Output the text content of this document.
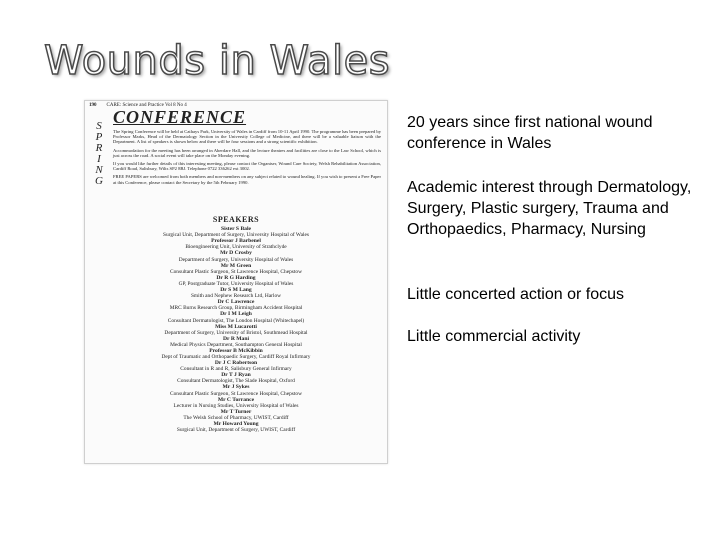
Wounds in Wales
190 CARE: Science and Practice Vol 8 No 4
S
P
R
I
N
G
CONFERENCE

The Spring Conference will be held at Cathays Park, University of Wales in Cardiff from 10-11 April 1990. The programme has been prepared by Professor Marks, Head of the Dermatology Section in the University College of Medicine, and there will be a valuable liaison with the Department. A list of speakers is shown below and there will be four sessions and a strong scientific exhibition.

Accommodation for the meeting has been arranged in Aberdare Hall, and the lecture theatres and facilities are close to the Law School, which is just across the road. A social event will take place on the Monday evening.

If you would like further details of this interesting meeting, please contact the Organiser, Wound Care Society, Welsh Rehabilitation Association, Cardiff Road, Salisbury, Wilts SP2 8BJ. Telephone 0722 336262 ext 3002.

FREE PAPERS are welcomed from both members and non-members on any subject related to wound healing. If you wish to present a Free Paper at this Conference, please contact the Secretary by the 5th February 1990.

SPEAKERS

Sister S Bale

Surgical Unit, Department of Surgery, University Hospital of Wales

Professor J Barbenel

Bioengineering Unit, University of Strathclyde

Mr D Crosby

Department of Surgery, University Hospital of Wales

Mr M Green

Consultant Plastic Surgeon, St Lawrence Hospital, Chepstow

Dr R G Harding

GP, Postgraduate Tutor, University Hospital of Wales

Dr S M Lang

Smith and Nephew Research Ltd, Harlow

Dr C Lawrence

MRC Burns Research Group, Birmingham Accident Hospital

Dr I M Leigh

Consultant Dermatologist, The London Hospital (Whitechapel)

Miss M Lucarotti

Department of Surgery, University of Bristol, Southmead Hospital

Dr R Mani

Medical Physics Department, Southampton General Hospital

Professor B McKibbin

Dept of Traumatic and Orthopaedic Surgery, Cardiff Royal Infirmary

Dr J C Robertson

Consultant in R and R, Salisbury General Infirmary

Dr T J Ryan

Consultant Dermatologist, The Slade Hospital, Oxford

Mr J Sykes

Consultant Plastic Surgeon, St Lawrence Hospital, Chepstow

Mr C Torrance

Lecturer in Nursing Studies, University Hospital of Wales

Mr T Turner

The Welsh School of Pharmacy, UWIST, Cardiff

Mr Howard Young

Surgical Unit, Department of Surgery, UWIST, Cardiff

20 years since first national wound conference in Wales

Academic interest through Dermatology, Surgery, Plastic surgery, Trauma and Orthopaedics, Pharmacy, Nursing

Little concerted action or focus

Little commercial activity
